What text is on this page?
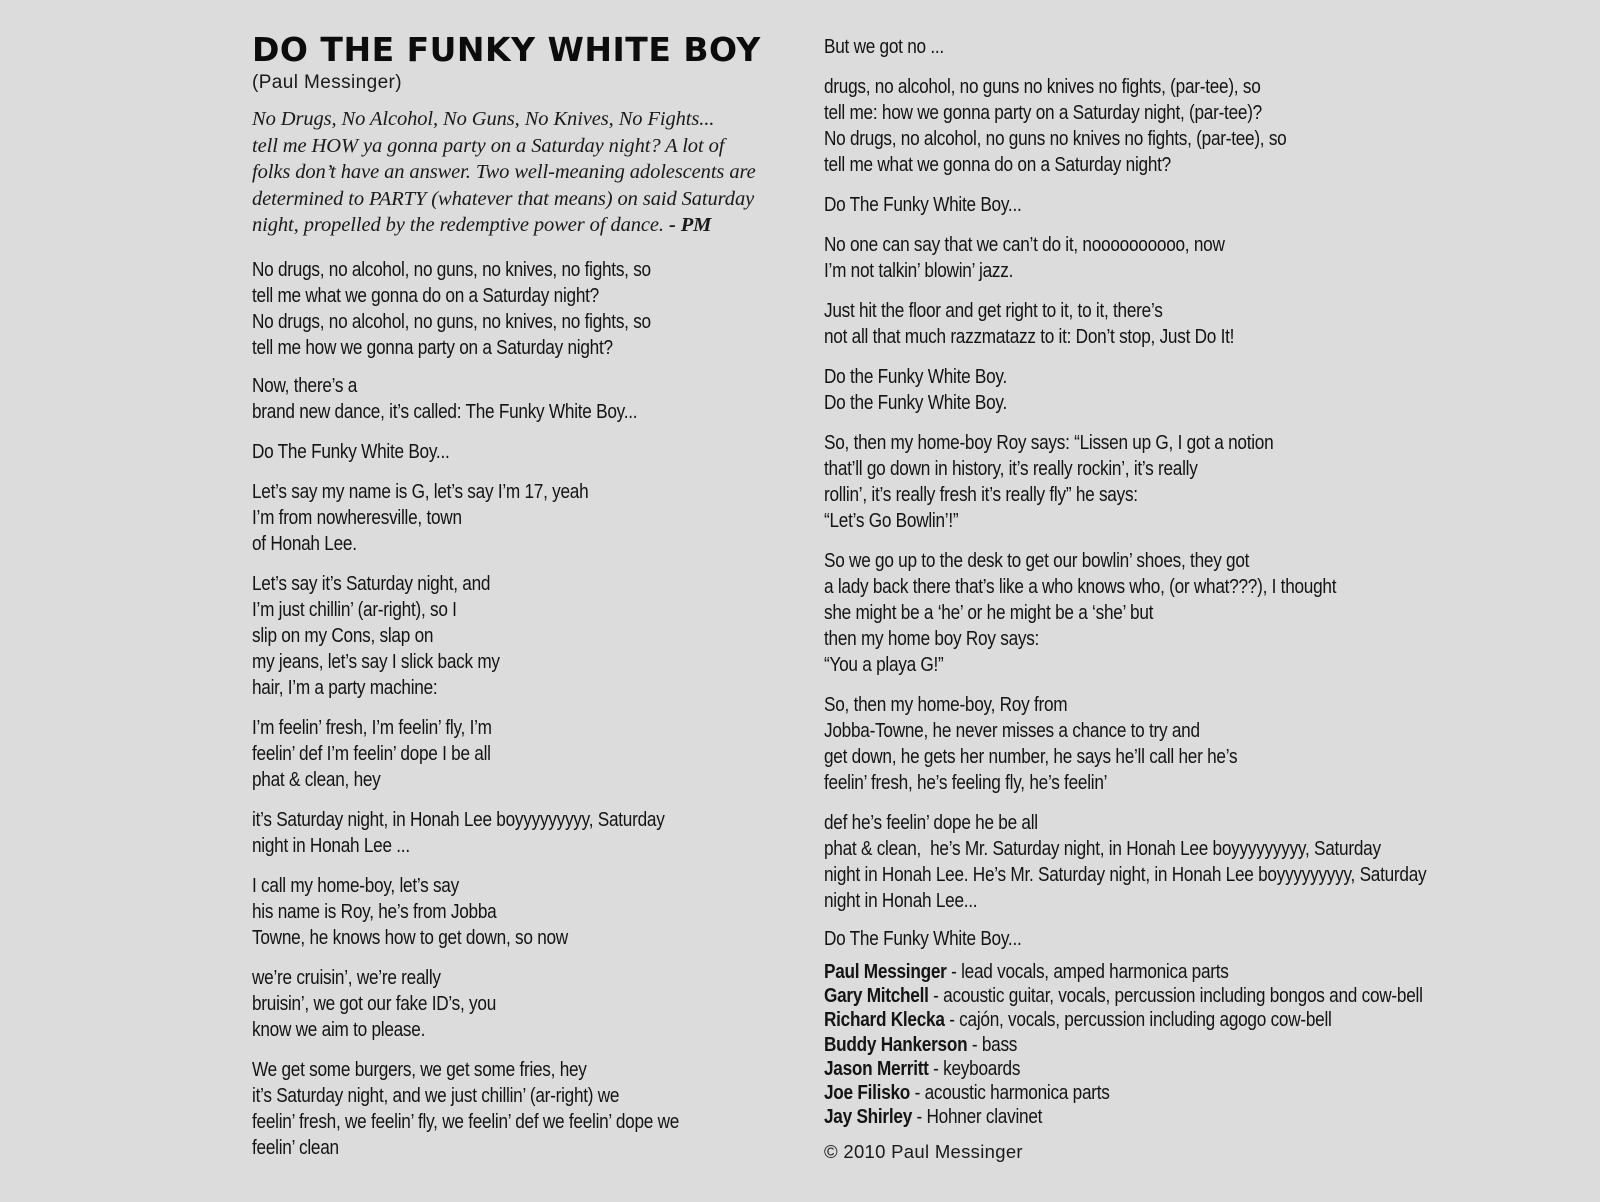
DO THE FUNKY WHITE BOY
(Paul Messinger)

No Drugs, No Alcohol, No Guns, No Knives, No Fights...
tell me HOW ya gonna party on a Saturday night? A lot of
folks don’t have an answer. Two well-meaning adolescents are
determined to PARTY (whatever that means) on said Saturday
night, propelled by the redemptive power of dance. - PM

No drugs, no alcohol, no guns, no knives, no fights, so
tell me what we gonna do on a Saturday night?
No drugs, no alcohol, no guns, no knives, no fights, so
tell me how we gonna party on a Saturday night?

Now, there’s a
brand new dance, it’s called: The Funky White Boy...

Do The Funky White Boy...

Let’s say my name is G, let’s say I’m 17, yeah
I’m from nowheresville, town
of Honah Lee.

Let’s say it’s Saturday night, and
I’m just chillin’ (ar-right), so I
slip on my Cons, slap on
my jeans, let’s say I slick back my
hair, I’m a party machine:

I’m feelin’ fresh, I’m feelin’ fly, I’m
feelin’ def I’m feelin’ dope I be all
phat & clean, hey

it’s Saturday night, in Honah Lee boyyyyyyyyy, Saturday
night in Honah Lee ...

I call my home-boy, let’s say
his name is Roy, he’s from Jobba
Towne, he knows how to get down, so now

we’re cruisin’, we’re really
bruisin’, we got our fake ID’s, you
know we aim to please.

We get some burgers, we get some fries, hey
it’s Saturday night, and we just chillin’ (ar-right) we
feelin’ fresh, we feelin’ fly, we feelin’ def we feelin’ dope we
feelin’ clean

But we got no ...

drugs, no alcohol, no guns no knives no fights, (par-tee), so
tell me: how we gonna party on a Saturday night, (par-tee)?
No drugs, no alcohol, no guns no knives no fights, (par-tee), so
tell me what we gonna do on a Saturday night?

Do The Funky White Boy...

No one can say that we can’t do it, noooooooooo, now
I’m not talkin’ blowin’ jazz.

Just hit the floor and get right to it, to it, there’s
not all that much razzmatazz to it: Don’t stop, Just Do It!

Do the Funky White Boy.
Do the Funky White Boy.

So, then my home-boy Roy says: “Lissen up G, I got a notion
that’ll go down in history, it’s really rockin’, it’s really
rollin’, it’s really fresh it’s really fly” he says:
“Let’s Go Bowlin’!”

So we go up to the desk to get our bowlin’ shoes, they got
a lady back there that’s like a who knows who, (or what???), I thought
she might be a ‘he’ or he might be a ‘she’ but
then my home boy Roy says:
“You a playa G!”

So, then my home-boy, Roy from
Jobba-Towne, he never misses a chance to try and
get down, he gets her number, he says he’ll call her he’s
feelin’ fresh, he’s feeling fly, he’s feelin’

def he’s feelin’ dope he be all
phat & clean,  he’s Mr. Saturday night, in Honah Lee boyyyyyyyyy, Saturday
night in Honah Lee. He’s Mr. Saturday night, in Honah Lee boyyyyyyyyy, Saturday
night in Honah Lee...

Do The Funky White Boy...

Paul Messinger - lead vocals, amped harmonica parts
Gary Mitchell - acoustic guitar, vocals, percussion including bongos and cow-bell
Richard Klecka - cajón, vocals, percussion including agogo cow-bell
Buddy Hankerson - bass
Jason Merritt - keyboards
Joe Filisko - acoustic harmonica parts
Jay Shirley - Hohner clavinet
© 2010 Paul Messinger
